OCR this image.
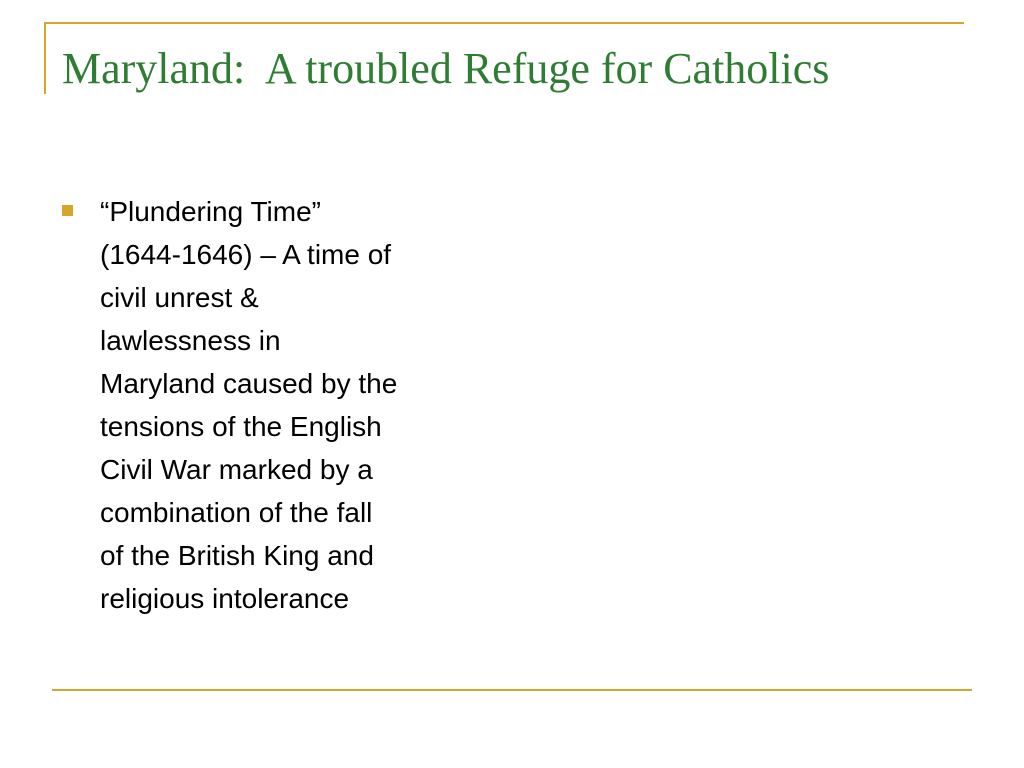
Maryland:  A troubled Refuge for Catholics
“Plundering Time”
(1644-1646) – A time of
civil unrest &
lawlessness in
Maryland caused by the
tensions of the English
Civil War marked by a
combination of the fall
of the British King and
religious intolerance
